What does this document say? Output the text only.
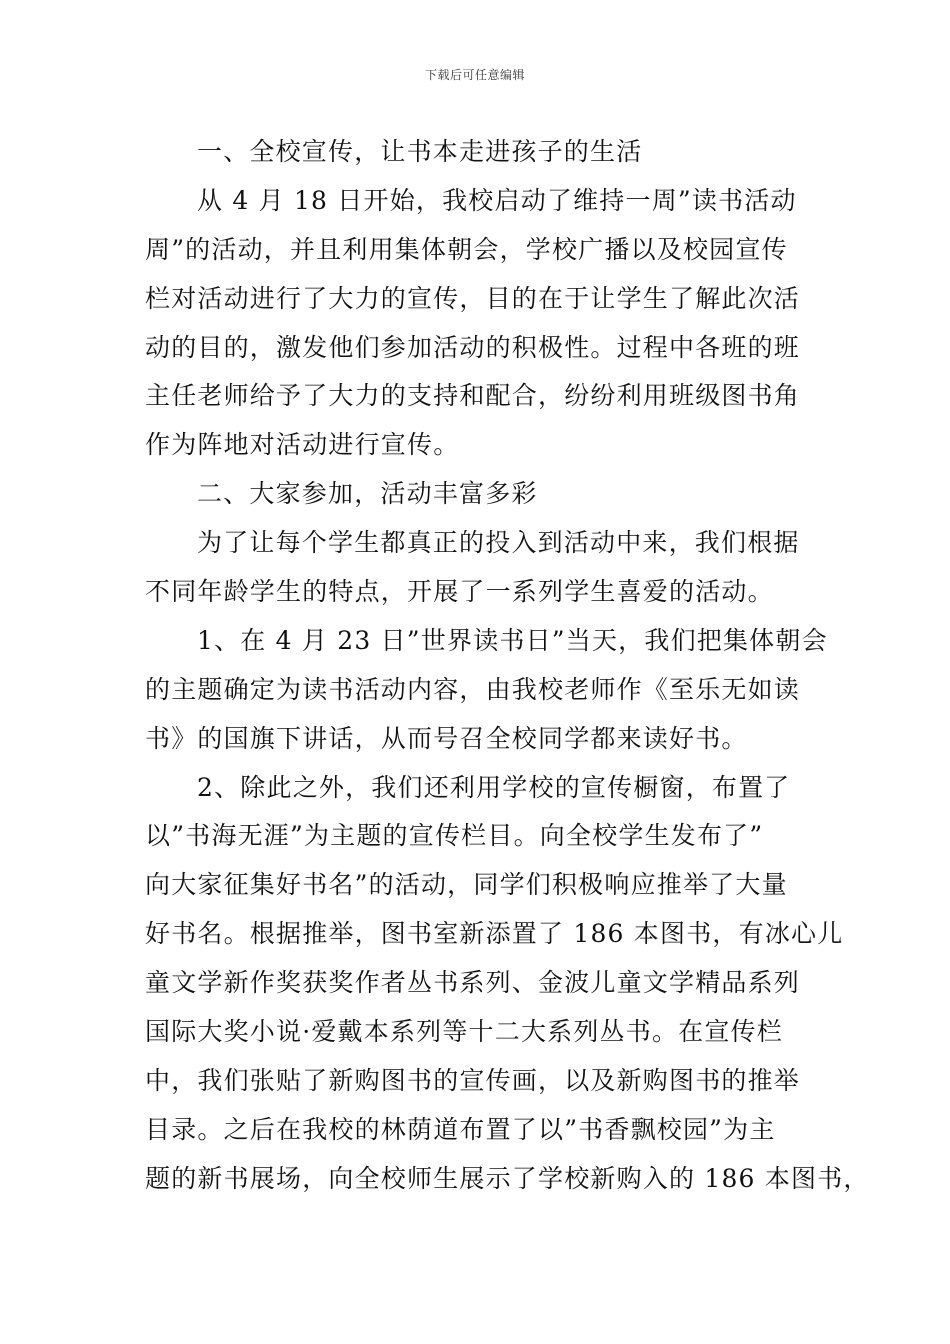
下载后可任意编辑
一、全校宣传，让书本走进孩子的生活
从 4 月 18 日开始，我校启动了维持一周”读书活动
周”的活动，并且利用集体朝会，学校广播以及校园宣传
栏对活动进行了大力的宣传，目的在于让学生了解此次活
动的目的，激发他们参加活动的积极性。过程中各班的班
主任老师给予了大力的支持和配合，纷纷利用班级图书角
作为阵地对活动进行宣传。
二、大家参加，活动丰富多彩
为了让每个学生都真正的投入到活动中来，我们根据
不同年龄学生的特点，开展了一系列学生喜爱的活动。
1、在 4 月 23 日”世界读书日”当天，我们把集体朝会
的主题确定为读书活动内容，由我校老师作《至乐无如读
书》的国旗下讲话，从而号召全校同学都来读好书。
2、除此之外，我们还利用学校的宣传橱窗，布置了
以”书海无涯”为主题的宣传栏目。向全校学生发布了”
向大家征集好书名”的活动，同学们积极响应推举了大量
好书名。根据推举，图书室新添置了 186 本图书，有冰心儿
童文学新作奖获奖作者丛书系列、金波儿童文学精品系列
国际大奖小说·爱戴本系列等十二大系列丛书。在宣传栏
中，我们张贴了新购图书的宣传画，以及新购图书的推举
目录。之后在我校的林荫道布置了以”书香飘校园”为主
题的新书展场，向全校师生展示了学校新购入的 186 本图书，
